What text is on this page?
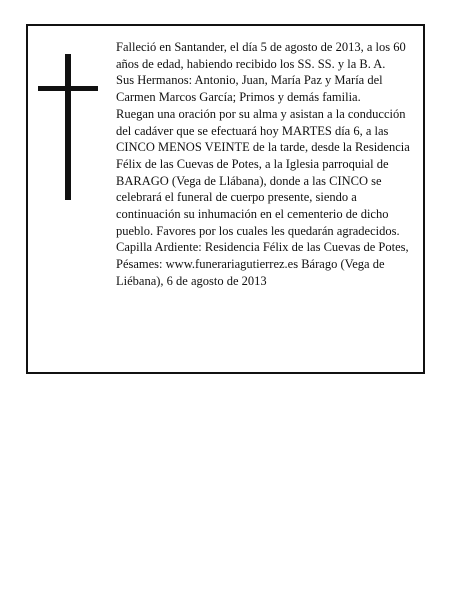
Falleció en Santander, el día 5 de agosto de 2013, a los 60 años de edad, habiendo recibido los SS. SS. y la B. A.

Sus Hermanos: Antonio, Juan, María Paz y María del Carmen Marcos García; Primos y demás familia.

Ruegan una oración por su alma y asistan a la conducción del cadáver que se efectuará hoy MARTES día 6, a las CINCO MENOS VEINTE de la tarde, desde la Residencia Félix de las Cuevas de Potes, a la Iglesia parroquial de BARAGO (Vega de Llábana), donde a las CINCO se celebrará el funeral de cuerpo presente, siendo a continuación su inhumación en el cementerio de dicho pueblo. Favores por los cuales les quedarán agradecidos. Capilla Ardiente: Residencia Félix de las Cuevas de Potes,

Pésames: www.funerariagutierrez.es Bárago (Vega de Liébana), 6 de agosto de 2013
